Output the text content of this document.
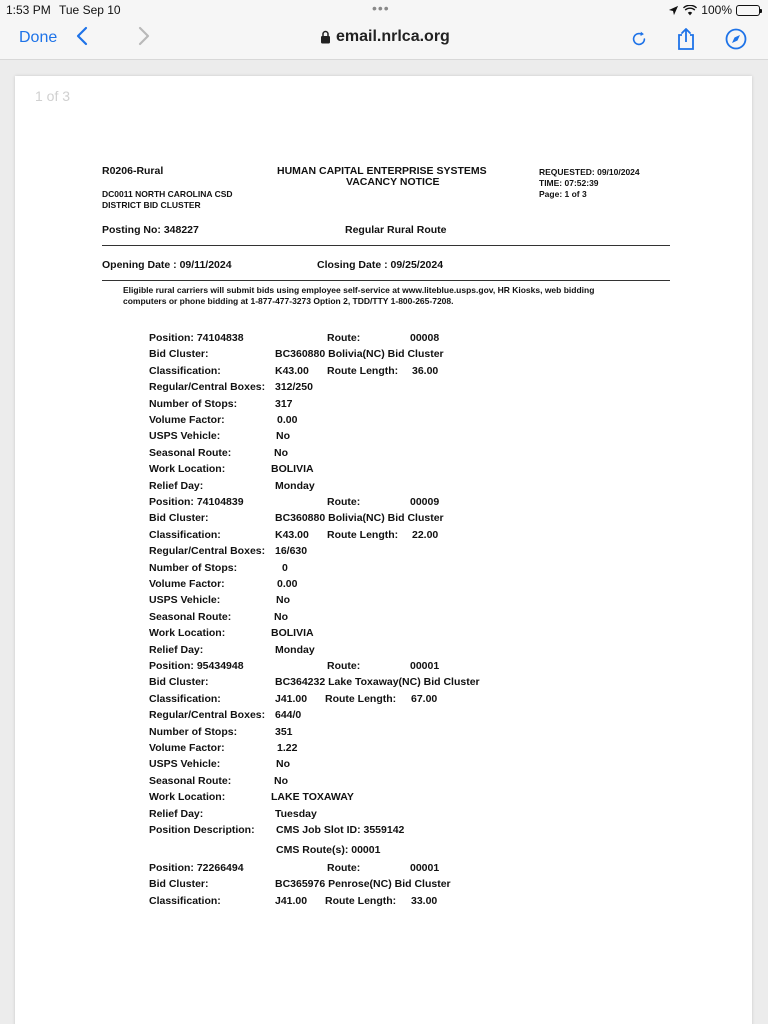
1:53 PM Tue Sep 10	•••	100%
Done	email.nrlca.org
1 of 3
R0206-Rural	HUMAN CAPITAL ENTERPRISE SYSTEMS
VACANCY NOTICE
REQUESTED: 09/10/2024
TIME: 07:52:39
Page: 1 of 3
DC0011 NORTH CAROLINA CSD
DISTRICT BID CLUSTER
Posting No: 348227	Regular Rural Route
Opening Date : 09/11/2024	Closing Date : 09/25/2024
Eligible rural carriers will submit bids using employee self-service at www.liteblue.usps.gov, HR Kiosks, web bidding
computers or phone bidding at 1-877-477-3273 Option 2, TDD/TTY 1-800-265-7208.
Position: 74104838	Route:	00008
Bid Cluster:	BC360880 Bolivia(NC) Bid Cluster
Classification:	K43.00 Route Length: 36.00
Regular/Central Boxes: 312/250
Number of Stops:	317
Volume Factor:	0.00
USPS Vehicle:	No
Seasonal Route:	No
Work Location:	BOLIVIA
Relief Day:	Monday
Position: 74104839	Route:	00009
Bid Cluster:	BC360880 Bolivia(NC) Bid Cluster
Classification:	K43.00 Route Length: 22.00
Regular/Central Boxes: 16/630
Number of Stops:	0
Volume Factor:	0.00
USPS Vehicle:	No
Seasonal Route:	No
Work Location:	BOLIVIA
Relief Day:	Monday
Position: 95434948	Route:	00001
Bid Cluster:	BC364232 Lake Toxaway(NC) Bid Cluster
Classification:	J41.00 Route Length: 67.00
Regular/Central Boxes: 644/0
Number of Stops:	351
Volume Factor:	1.22
USPS Vehicle:	No
Seasonal Route:	No
Work Location:	LAKE TOXAWAY
Relief Day:	Tuesday
Position Description: CMS Job Slot ID: 3559142
CMS Route(s): 00001
Position: 72266494	Route:	00001
Bid Cluster:	BC365976 Penrose(NC) Bid Cluster
Classification:	J41.00 Route Length: 33.00
